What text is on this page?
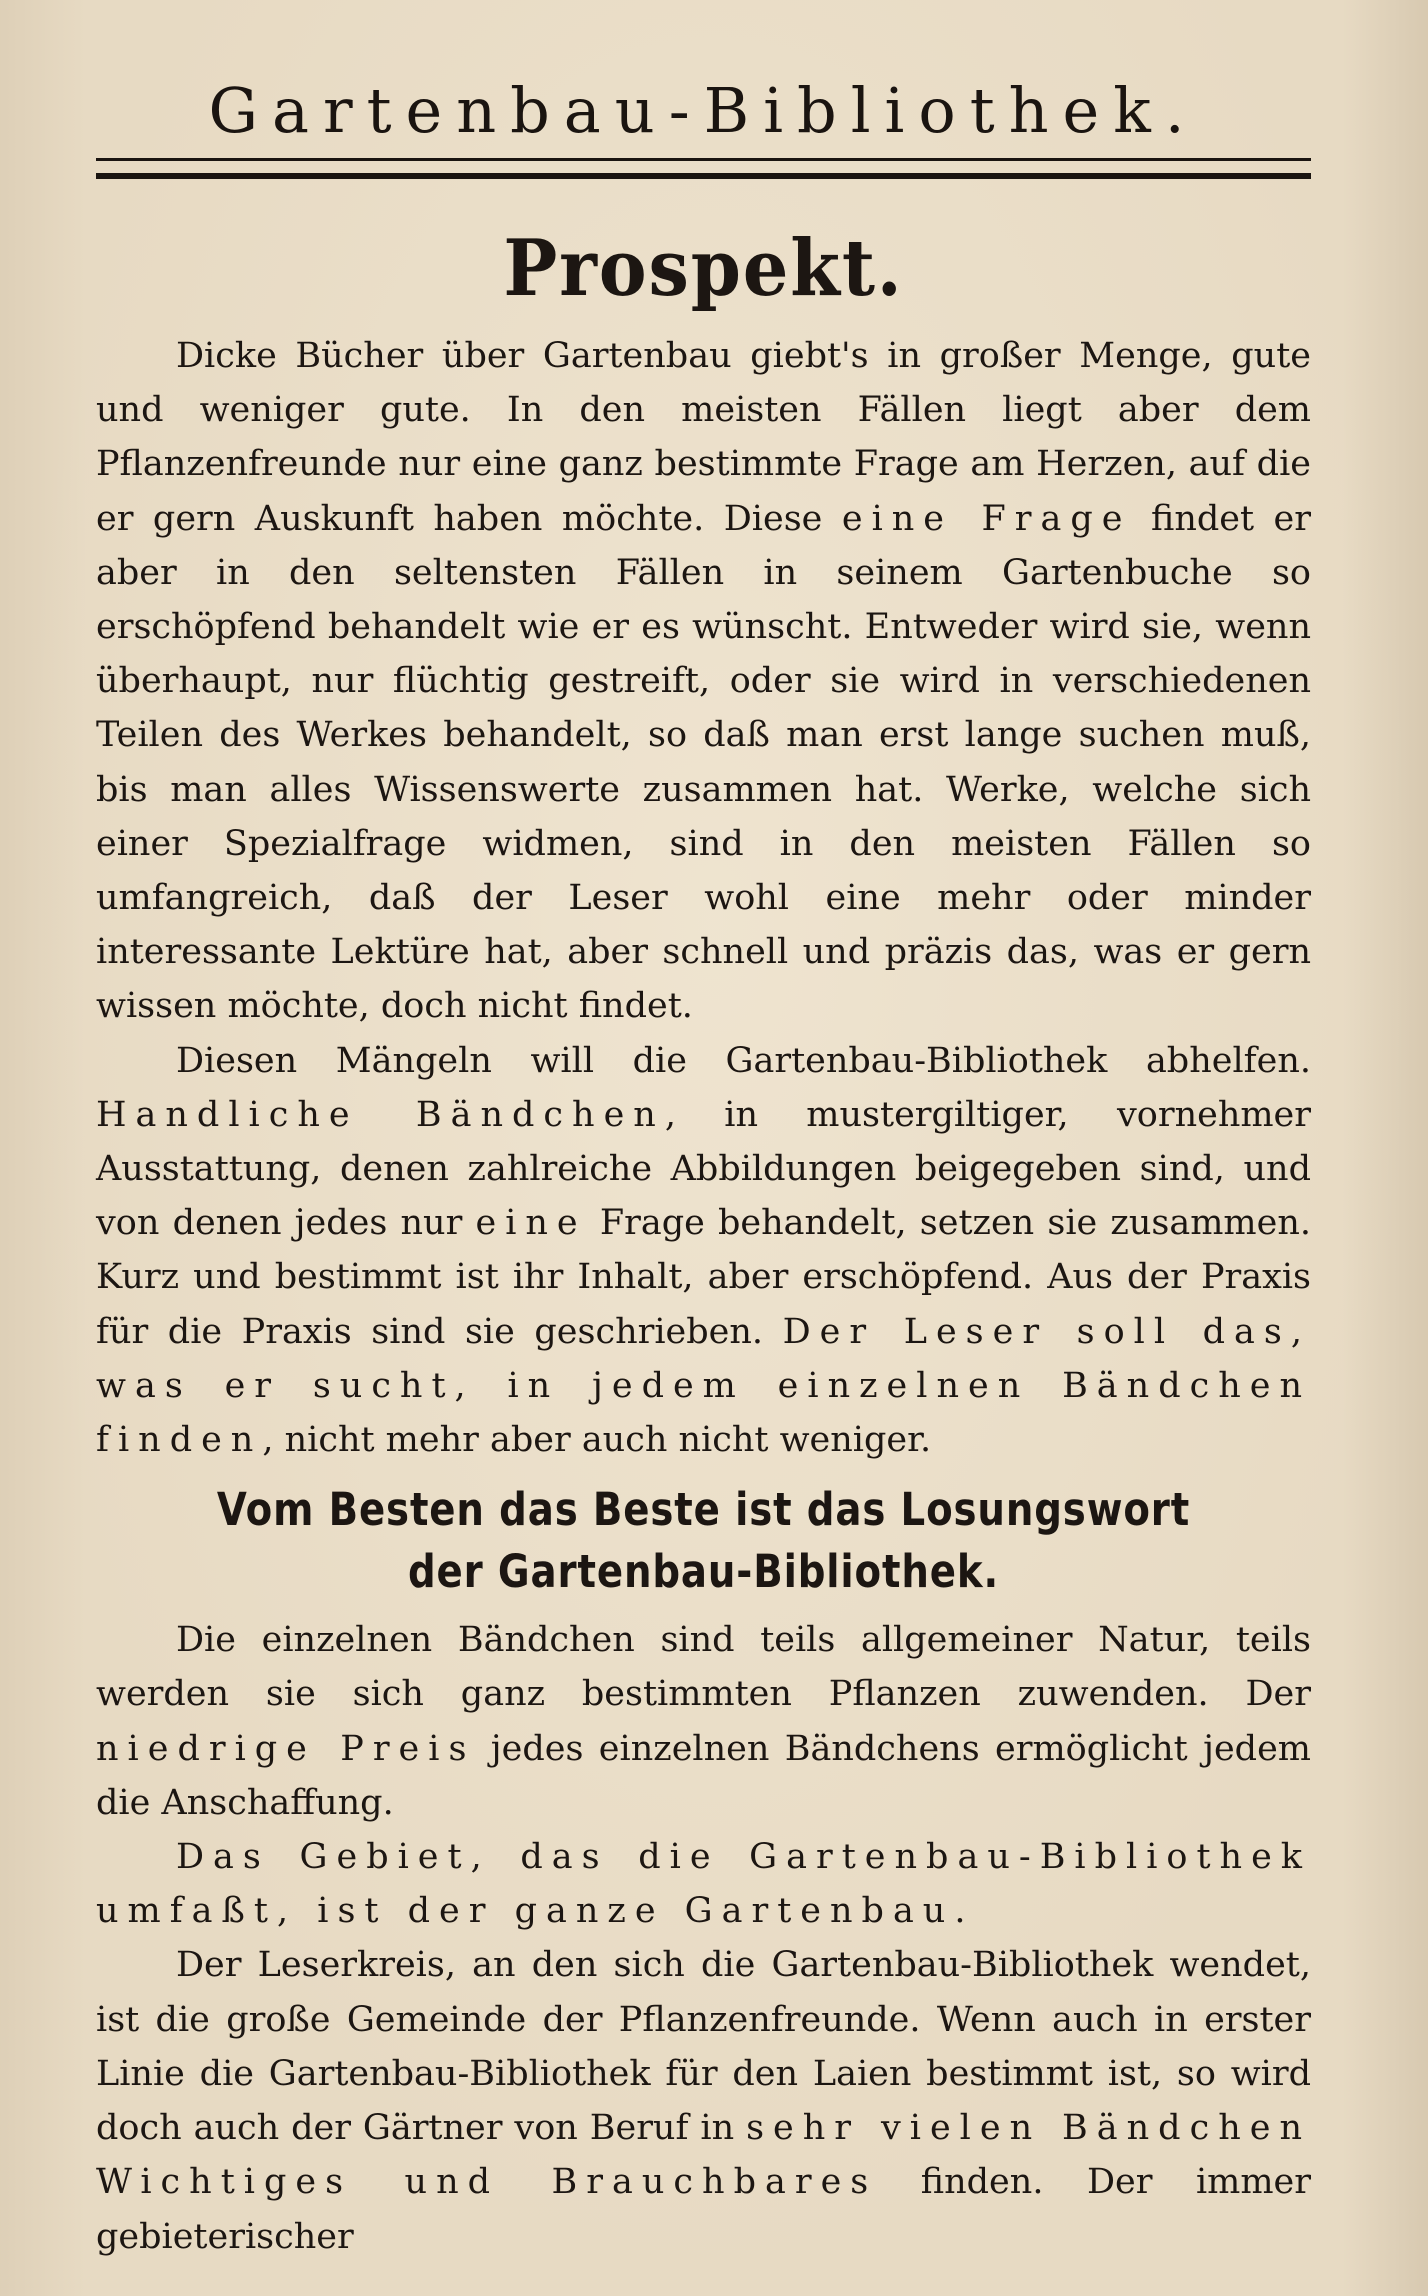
Gartenbau-Bibliothek.
Prospekt.

Dicke Bücher über Gartenbau giebt's in großer Menge, gute und weniger gute. In den meisten Fällen liegt aber dem Pflanzenfreunde nur eine ganz bestimmte Frage am Herzen, auf die er gern Auskunft haben möchte. Diese eine Frage findet er aber in den seltensten Fällen in seinem Gartenbuche so erschöpfend behandelt wie er es wünscht. Entweder wird sie, wenn überhaupt, nur flüchtig gestreift, oder sie wird in verschiedenen Teilen des Werkes behandelt, so daß man erst lange suchen muß, bis man alles Wissenswerte zusammen hat. Werke, welche sich einer Spezialfrage widmen, sind in den meisten Fällen so umfangreich, daß der Leser wohl eine mehr oder minder interessante Lektüre hat, aber schnell und präzis das, was er gern wissen möchte, doch nicht findet.

Diesen Mängeln will die Gartenbau-Bibliothek abhelfen. Handliche Bändchen, in mustergiltiger, vornehmer Ausstattung, denen zahlreiche Abbildungen beigegeben sind, und von denen jedes nur eine Frage behandelt, setzen sie zusammen. Kurz und bestimmt ist ihr Inhalt, aber erschöpfend. Aus der Praxis für die Praxis sind sie geschrieben. Der Leser soll das, was er sucht, in jedem einzelnen Bändchen finden, nicht mehr aber auch nicht weniger.

Vom Besten das Beste ist das Losungswort
der Gartenbau-Bibliothek.

Die einzelnen Bändchen sind teils allgemeiner Natur, teils werden sie sich ganz bestimmten Pflanzen zuwenden. Der niedrige Preis jedes einzelnen Bändchens ermöglicht jedem die Anschaffung.

Das Gebiet, das die Gartenbau-Bibliothek umfaßt, ist der ganze Gartenbau.

Der Leserkreis, an den sich die Gartenbau-Bibliothek wendet, ist die große Gemeinde der Pflanzenfreunde. Wenn auch in erster Linie die Gartenbau-Bibliothek für den Laien bestimmt ist, so wird doch auch der Gärtner von Beruf in sehr vielen Bändchen Wichtiges und Brauchbares finden. Der immer gebieterischer
